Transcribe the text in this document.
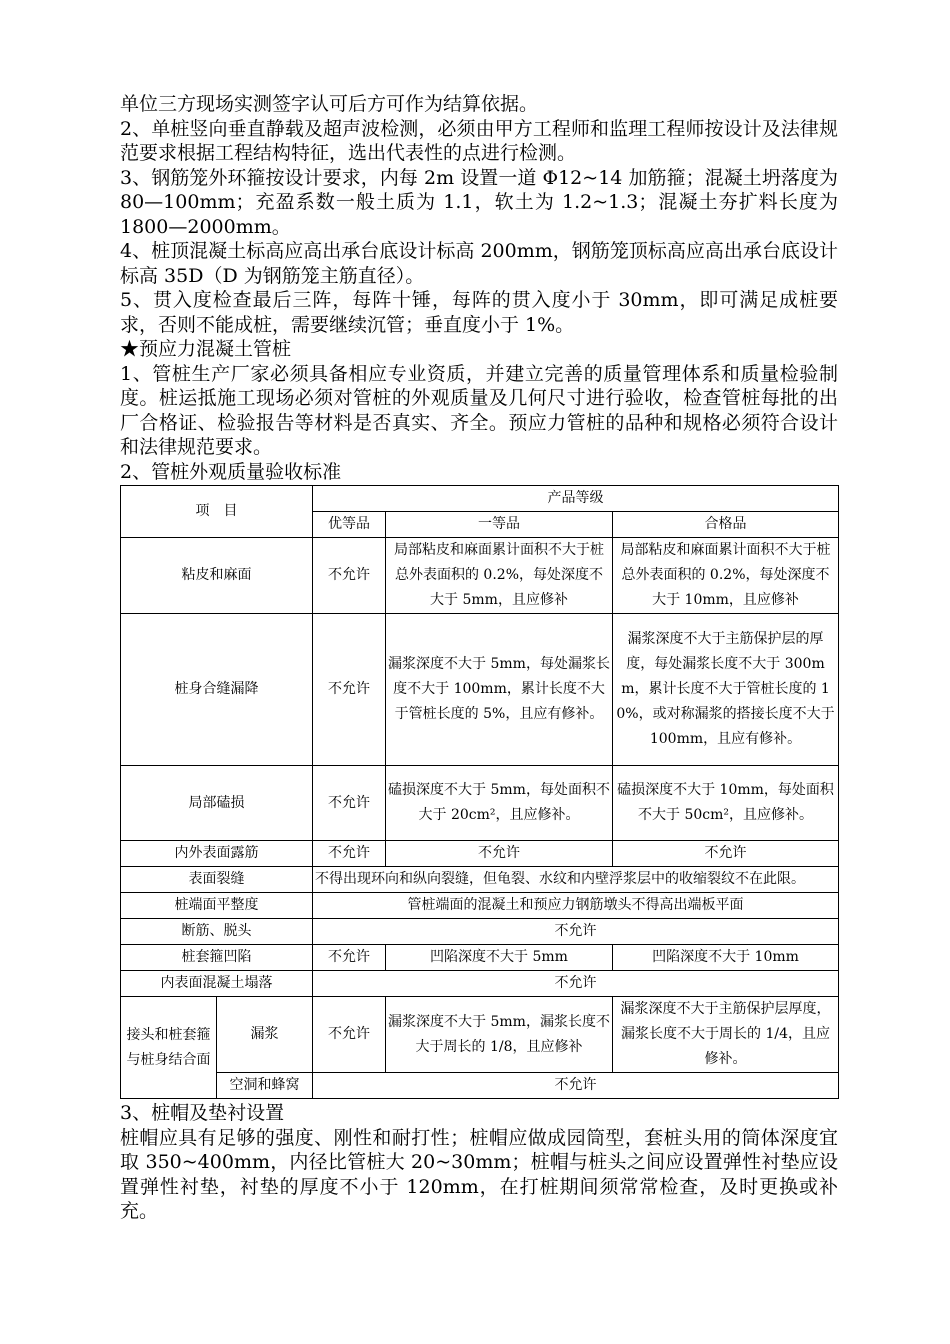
单位三方现场实测签字认可后方可作为结算依据。

2、单桩竖向垂直静载及超声波检测，必须由甲方工程师和监理工程师按设计及法律规范要求根据工程结构特征，选出代表性的点进行检测。

3、钢筋笼外环箍按设计要求，内每 2m 设置一道 Φ12~14 加筋箍；混凝土坍落度为 80—100mm；充盈系数一般土质为 1.1，软土为 1.2~1.3；混凝土夯扩料长度为 1800—2000mm。

4、桩顶混凝土标高应高出承台底设计标高 200mm，钢筋笼顶标高应高出承台底设计标高 35D（D 为钢筋笼主筋直径）。

5、贯入度检查最后三阵，每阵十锤，每阵的贯入度小于 30mm，即可满足成桩要求，否则不能成桩，需要继续沉管；垂直度小于 1%。

★预应力混凝土管桩

1、管桩生产厂家必须具备相应专业资质，并建立完善的质量管理体系和质量检验制度。桩运抵施工现场必须对管桩的外观质量及几何尺寸进行验收，检查管桩每批的出厂合格证、检验报告等材料是否真实、齐全。预应力管桩的品种和规格必须符合设计和法律规范要求。

2、管桩外观质量验收标准

项　目		产品等级		
		优等品	一等品	合格品
粘皮和麻面		不允许	局部粘皮和麻面累计面积不大于桩总外表面积的 0.2%，每处深度不大于 5mm，且应修补	局部粘皮和麻面累计面积不大于桩总外表面积的 0.2%，每处深度不大于 10mm，且应修补
桩身合缝漏降		不允许	漏浆深度不大于 5mm，每处漏浆长度不大于 100mm，累计长度不大于管桩长度的 5%，且应有修补。	漏浆深度不大于主筋保护层的厚度，每处漏浆长度不大于 300mm，累计长度不大于管桩长度的 10%，或对称漏浆的搭接长度不大于 100mm，且应有修补。
局部磕损		不允许	磕损深度不大于 5mm，每处面积不大于 20cm²，且应修补。	磕损深度不大于 10mm，每处面积不大于 50cm²，且应修补。
内外表面露筋		不允许	不允许	不允许
表面裂缝		不得出现环向和纵向裂缝，但龟裂、水纹和内壁浮浆层中的收缩裂纹不在此限。		
桩端面平整度		管桩端面的混凝土和预应力钢筋墩头不得高出端板平面		
断筋、脱头		不允许		
桩套箍凹陷		不允许	凹陷深度不大于 5mm	凹陷深度不大于 10mm
内表面混凝土塌落		不允许		
接头和桩套箍与桩身结合面	漏浆	不允许	漏浆深度不大于 5mm，漏浆长度不大于周长的 1/8，且应修补	漏浆深度不大于主筋保护层厚度，漏浆长度不大于周长的 1/4，且应修补。
	空洞和蜂窝	不允许		

3、桩帽及垫衬设置

桩帽应具有足够的强度、刚性和耐打性；桩帽应做成园筒型，套桩头用的筒体深度宜取 350~400mm，内径比管桩大 20~30mm；桩帽与桩头之间应设置弹性衬垫应设置弹性衬垫，衬垫的厚度不小于 120mm，在打桩期间须常常检查，及时更换或补充。
